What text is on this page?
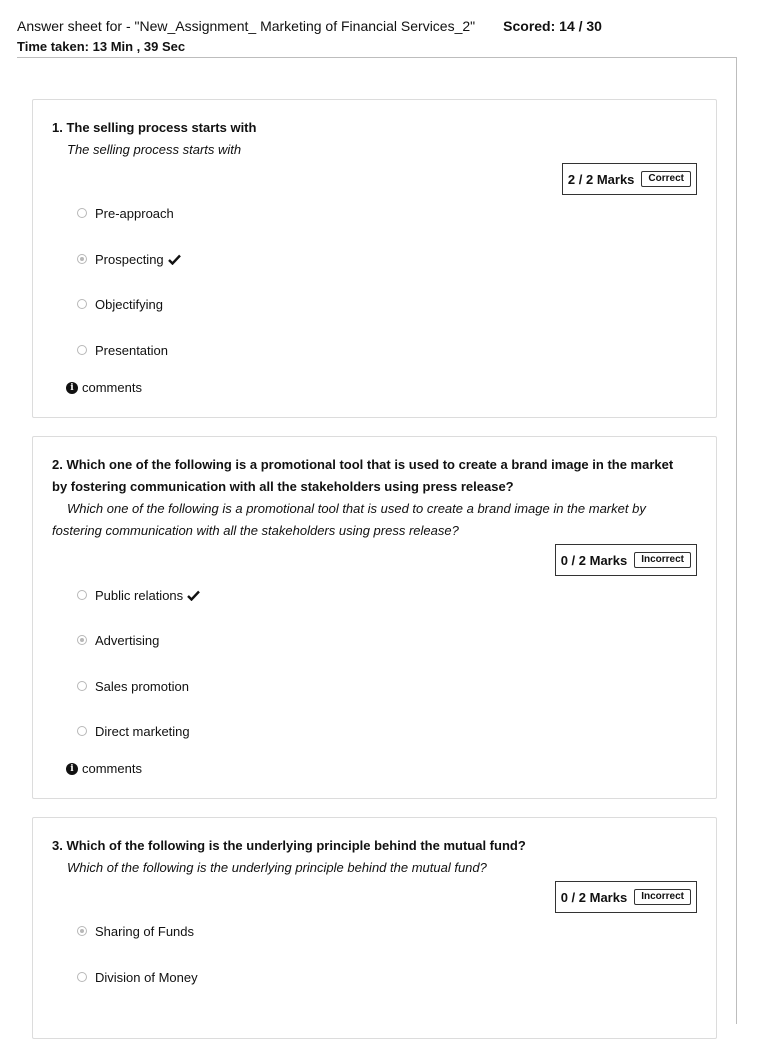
Answer sheet for - "New_Assignment_ Marketing of Financial Services_2" Scored: 14 / 30
Time taken: 13 Min , 39 Sec
1. The selling process starts with
The selling process starts with
2 / 2 Marks	Correct
Pre-approach
Prospecting
Objectifying
Presentation
i comments
2. Which one of the following is a promotional tool that is used to create a brand image in the market by fostering communication with all the stakeholders using press release?
Which one of the following is a promotional tool that is used to create a brand image in the market by fostering communication with all the stakeholders using press release?
0 / 2 Marks	Incorrect
Public relations
Advertising
Sales promotion
Direct marketing
i comments
3. Which of the following is the underlying principle behind the mutual fund?
Which of the following is the underlying principle behind the mutual fund?
0 / 2 Marks	Incorrect
Sharing of Funds
Division of Money
